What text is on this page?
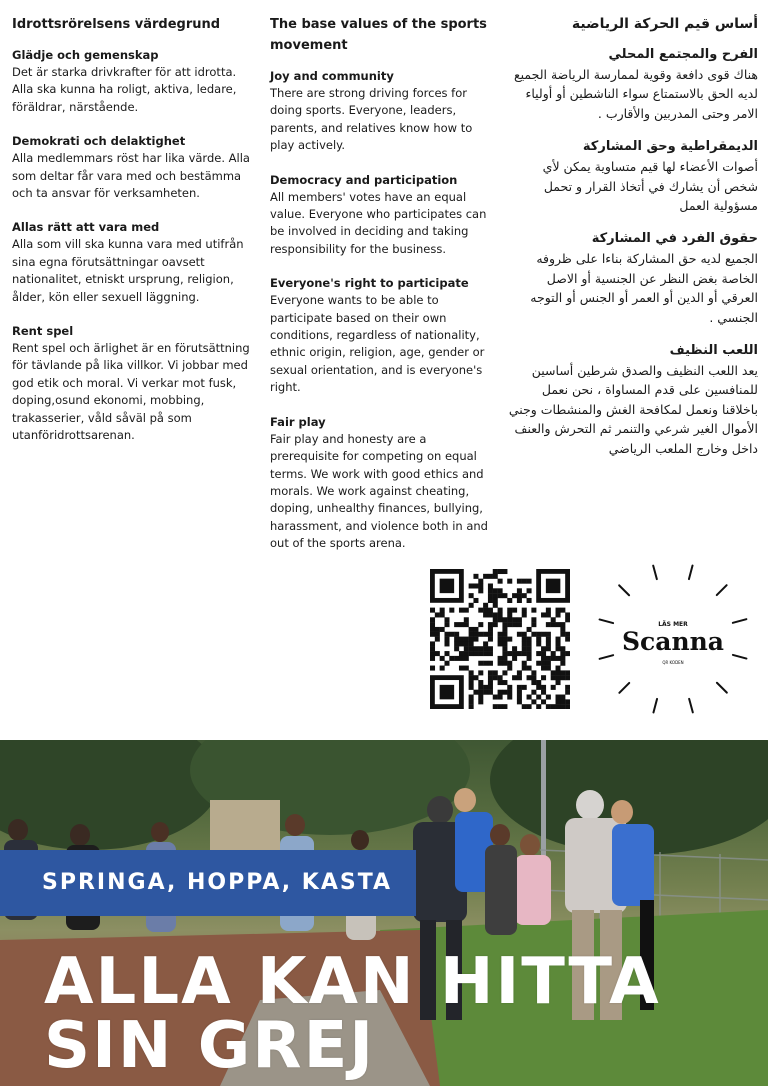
Idrottsrörelsens värdegrund
Glädje och gemenskap
Det är starka drivkrafter för att idrotta. Alla ska kunna ha roligt, aktiva, ledare, föräldrar, närstående.
Demokrati och delaktighet
Alla medlemmars röst har lika värde. Alla som deltar får vara med och bestämma och ta ansvar för verksamheten.
Allas rätt att vara med
Alla som vill ska kunna vara med utifrån sina egna förutsättningar oavsett nationalitet, etniskt ursprung, religion, ålder, kön eller sexuell läggning.
Rent spel
Rent spel och ärlighet är en förutsättning för tävlande på lika villkor. Vi jobbar med god etik och moral. Vi verkar mot fusk, doping,osund ekonomi, mobbing, trakasserier, våld såväl på som utanföridrottsarenan.
The base values of the sports movement
Joy and community
There are strong driving forces for doing sports. Everyone, leaders, parents, and relatives know how to play actively.
Democracy and participation
All members' votes have an equal value. Everyone who participates can be involved in deciding and taking responsibility for the business.
Everyone's right to participate
Everyone wants to be able to participate based on their own conditions, regardless of nationality, ethnic origin, religion, age, gender or sexual orientation, and is everyone's right.
Fair play
Fair play and honesty are a prerequisite for competing on equal terms. We work with good ethics and morals. We work against cheating, doping, unhealthy finances, bullying, harassment, and violence both in and out of the sports arena.
أساس قيم الحركة الرياضية
الفرح والمجتمع المحلي
هناك قوى دافعة وقوية لممارسة الرياضة الجميع لديه الحق بالاستمتاع سواء الناشطين أو أولياء الامر وحتى المدربين والأقارب .
الديمقراطية وحق المشاركة
أصوات الأعضاء لها قيم متساوية يمكن لأي شخص أن يشارك في أتخاذ القرار و تحمل مسؤولية العمل
حقوق الفرد في المشاركة
الجميع لديه حق المشاركة بناءا على ظروفه الخاصة بغض النظر عن الجنسية أو الاصل العرقي أو الدين أو العمر أو الجنس أو التوجه الجنسي .
اللعب النظيف
يعد اللعب النظيف والصدق شرطين أساسين للمنافسين على قدم المساواة ، نحن نعمل باخلاقنا ونعمل لمكافحة الغش والمنشطات وجني الأموال الغير شرعي والتنمر ثم التحرش والعنف داخل وخارج الملعب الرياضي
LÄS MER
Scanna
QR KODEN
SPRINGA, HOPPA, KASTA
ALLA KAN HITTA
SIN GREJ
